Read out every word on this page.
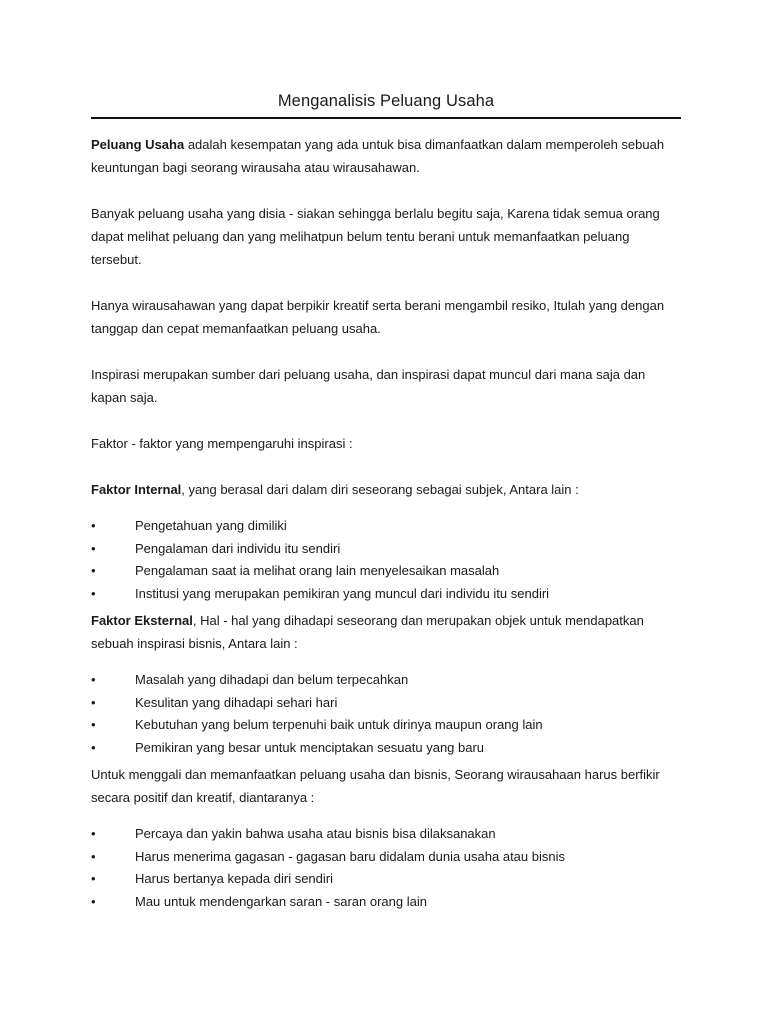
Menganalisis Peluang Usaha

Peluang Usaha adalah kesempatan yang ada untuk bisa dimanfaatkan dalam memperoleh sebuah keuntungan bagi seorang wirausaha atau wirausahawan.

Banyak peluang usaha yang disia - siakan sehingga berlalu begitu saja, Karena tidak semua orang dapat melihat peluang dan yang melihatpun belum tentu berani untuk memanfaatkan peluang tersebut.

Hanya wirausahawan yang dapat berpikir kreatif serta berani mengambil resiko, Itulah yang dengan tanggap dan cepat memanfaatkan peluang usaha.

Inspirasi merupakan sumber dari peluang usaha, dan inspirasi dapat muncul dari mana saja dan kapan saja.

Faktor - faktor yang mempengaruhi inspirasi :

Faktor Internal, yang berasal dari dalam diri seseorang sebagai subjek, Antara lain :

•	Pengetahuan yang dimiliki
•	Pengalaman dari individu itu sendiri
•	Pengalaman saat ia melihat orang lain menyelesaikan masalah
•	Institusi yang merupakan pemikiran yang muncul dari individu itu sendiri

Faktor Eksternal, Hal - hal yang dihadapi seseorang dan merupakan objek untuk mendapatkan sebuah inspirasi bisnis, Antara lain :

•	Masalah yang dihadapi dan belum terpecahkan
•	Kesulitan yang dihadapi sehari hari
•	Kebutuhan yang belum terpenuhi baik untuk dirinya maupun orang lain
•	Pemikiran yang besar untuk menciptakan sesuatu yang baru

Untuk menggali dan memanfaatkan peluang usaha dan bisnis, Seorang wirausahaan harus berfikir secara positif dan kreatif, diantaranya :

•	Percaya dan yakin bahwa usaha atau bisnis bisa dilaksanakan
•	Harus menerima gagasan - gagasan baru didalam dunia usaha atau bisnis
•	Harus bertanya kepada diri sendiri
•	Mau untuk mendengarkan saran - saran orang lain
